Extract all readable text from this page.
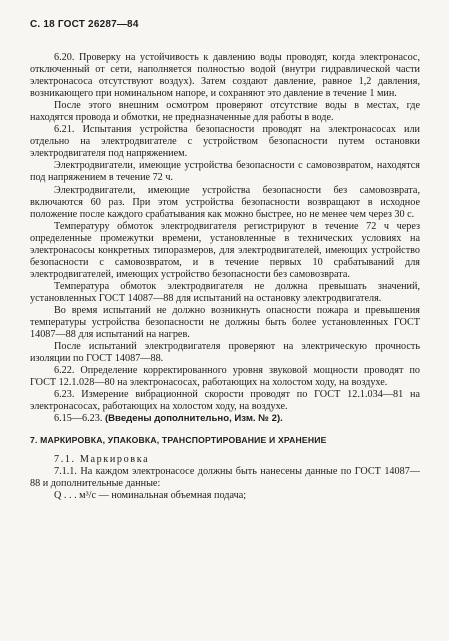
С. 18 ГОСТ 26287—84

6.20. Проверку на устойчивость к давлению воды проводят, когда электронасос, отключенный от сети, наполняется полностью водой (внутри гидравлической части электронасоса отсутствуют воздух). Затем создают давление, равное 1,2 давления, возникающего при номинальном напоре, и сохраняют это давление в течение 1 мин.

После этого внешним осмотром проверяют отсутствие воды в местах, где находятся провода и обмотки, не предназначенные для работы в воде.

6.21. Испытания устройства безопасности проводят на электронасосах или отдельно на электродвигателе с устройством безопасности путем остановки электродвигателя под напряжением.

Электродвигатели, имеющие устройства безопасности с самовозвратом, находятся под напряжением в течение 72 ч.

Электродвигатели, имеющие устройства безопасности без самовозврата, включаются 60 раз. При этом устройства безопасности возвращают в исходное положение после каждого срабатывания как можно быстрее, но не менее чем через 30 с.

Температуру обмоток электродвигателя регистрируют в течение 72 ч через определенные промежутки времени, установленные в технических условиях на электронасосы конкретных типоразмеров, для электродвигателей, имеющих устройство безопасности с самовозвратом, и в течение первых 10 срабатываний для электродвигателей, имеющих устройство безопасности без самовозврата.

Температура обмоток электродвигателя не должна превышать значений, установленных ГОСТ 14087—88 для испытаний на остановку электродвигателя.

Во время испытаний не должно возникнуть опасности пожара и превышения температуры устройства безопасности не должны быть более установленных ГОСТ 14087—88 для испытаний на нагрев.

После испытаний электродвигателя проверяют на электрическую прочность изоляции по ГОСТ 14087—88.

6.22. Определение корректированного уровня звуковой мощности проводят по ГОСТ 12.1.028—80 на электронасосах, работающих на холостом ходу, на воздухе.

6.23. Измерение вибрационной скорости проводят по ГОСТ 12.1.034—81 на электронасосах, работающих на холостом ходу, на воздухе.

6.15—6.23. (Введены дополнительно, Изм. № 2).

7. МАРКИРОВКА, УПАКОВКА, ТРАНСПОРТИРОВАНИЕ И ХРАНЕНИЕ

7.1. Маркировка

7.1.1. На каждом электронасосе должны быть нанесены данные по ГОСТ 14087—88 и дополнительные данные:

Q . . . м³/с — номинальная объемная подача;
